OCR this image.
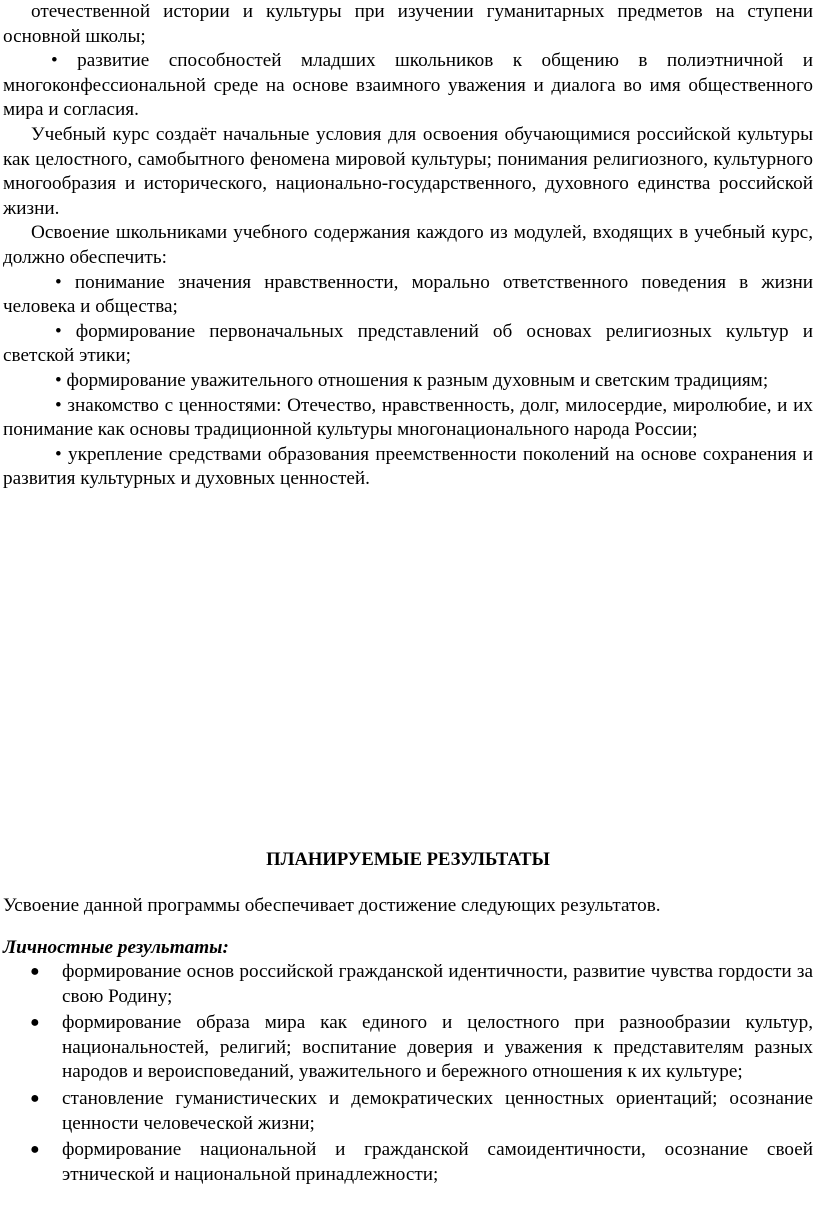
отечественной истории и культуры при изучении гуманитарных предметов на ступени основной школы;

• развитие способностей младших школьников к общению в полиэтничной и многоконфессиональной среде на основе взаимного уважения и диалога во имя общественного мира и согласия.

Учебный курс создаёт начальные условия для освоения обучающимися российской культуры как целостного, самобытного феномена мировой культуры; понимания религиозного, культурного многообразия и исторического, национально-государственного, духовного единства российской жизни.

Освоение школьниками учебного содержания каждого из модулей, входящих в учебный курс, должно обеспечить:

• понимание значения нравственности, морально ответственного поведения в жизни человека и общества;

• формирование первоначальных представлений об основах религиозных культур и светской этики;

• формирование уважительного отношения к разным духовным и светским традициям;

• знакомство с ценностями: Отечество, нравственность, долг, милосердие, миролюбие, и их понимание как основы традиционной культуры многонационального народа России;

• укрепление средствами образования преемственности поколений на основе сохранения и развития культурных и духовных ценностей.

ПЛАНИРУЕМЫЕ РЕЗУЛЬТАТЫ

Усвоение данной программы обеспечивает достижение следующих результатов.

Личностные результаты:

● формирование основ российской гражданской идентичности, развитие чувства гордости за свою Родину;
● формирование образа мира как единого и целостного при разнообразии культур, национальностей, религий; воспитание доверия и уважения к представителям разных народов и вероисповеданий, уважительного и бережного отношения к их культуре;
● становление гуманистических и демократических ценностных ориентаций; осознание ценности человеческой жизни;
● формирование национальной и гражданской самоидентичности, осознание своей этнической и национальной принадлежности;
